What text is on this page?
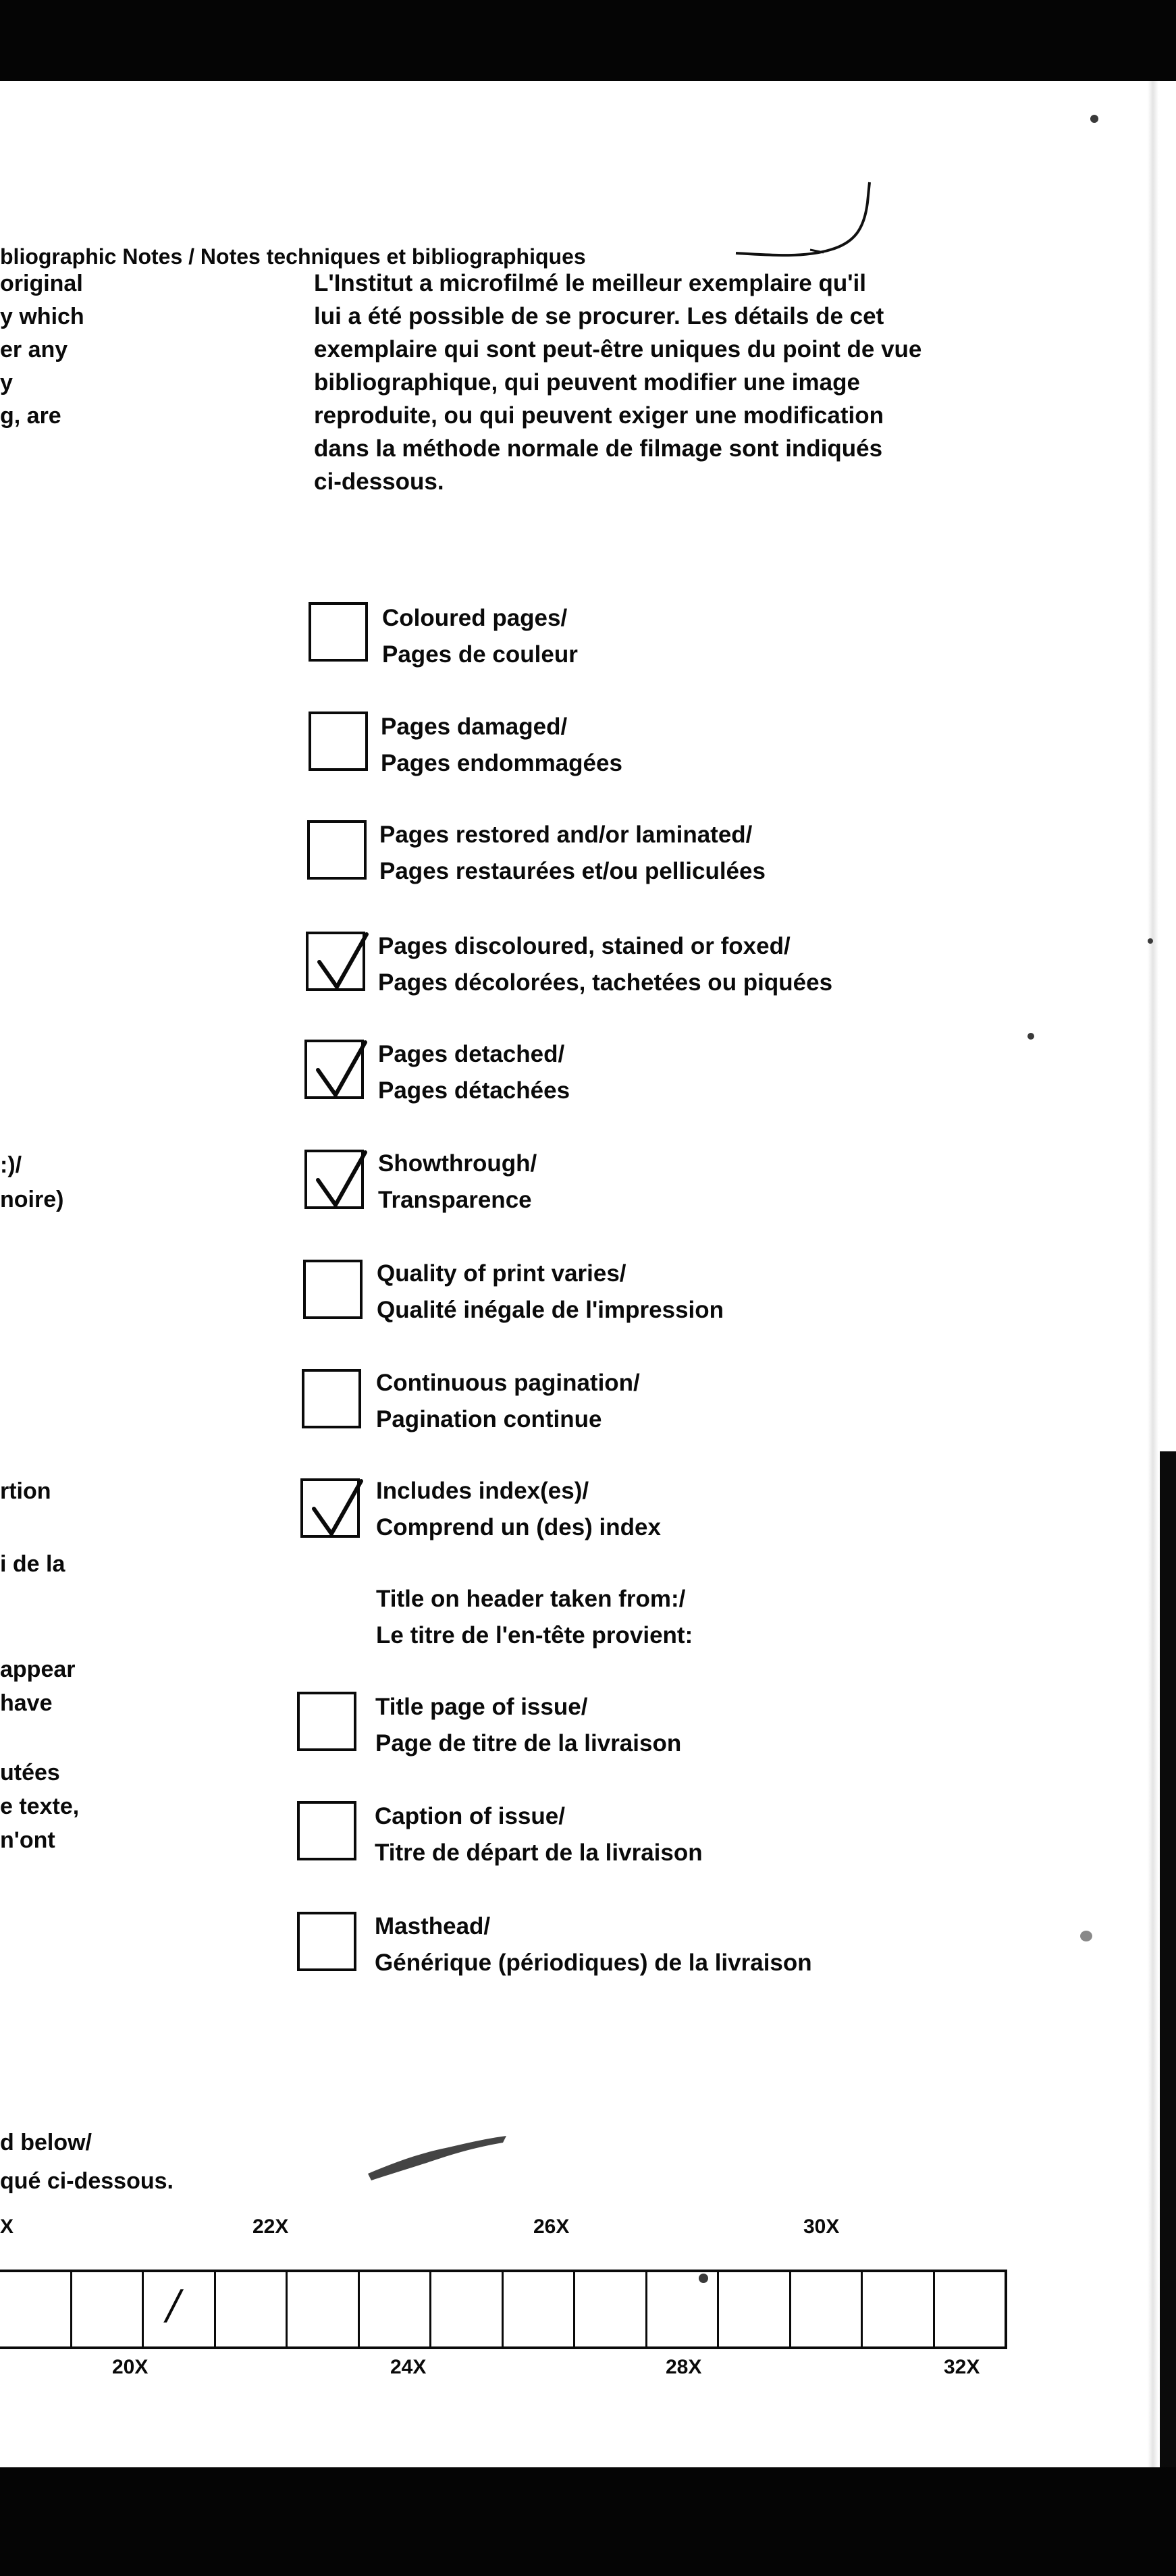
bliographic Notes / Notes techniques et bibliographiques
original
y which
er any
y
g, are
:)/
noire)
rtion
i de la
appear
have
utées
e texte,
n'ont
d below/
qué ci-dessous.
L'Institut a microfilmé le meilleur exemplaire qu'il
lui a été possible de se procurer. Les détails de cet
exemplaire qui sont peut-être uniques du point de vue
bibliographique, qui peuvent modifier une image
reproduite, ou qui peuvent exiger une modification
dans la méthode normale de filmage sont indiqués
ci-dessous.
Coloured pages/
Pages de couleur
Pages damaged/
Pages endommagées
Pages restored and/or laminated/
Pages restaurées et/ou pelliculées
Pages discoloured, stained or foxed/
Pages décolorées, tachetées ou piquées
Pages detached/
Pages détachées
Showthrough/
Transparence
Quality of print varies/
Qualité inégale de l'impression
Continuous pagination/
Pagination continue
Includes index(es)/
Comprend un (des) index
Title on header taken from:/
Le titre de l'en-tête provient:
Title page of issue/
Page de titre de la livraison
Caption of issue/
Titre de départ de la livraison
Masthead/
Générique (périodiques) de la livraison
X	22X	26X	30X
/
20X	24X	28X	32X
